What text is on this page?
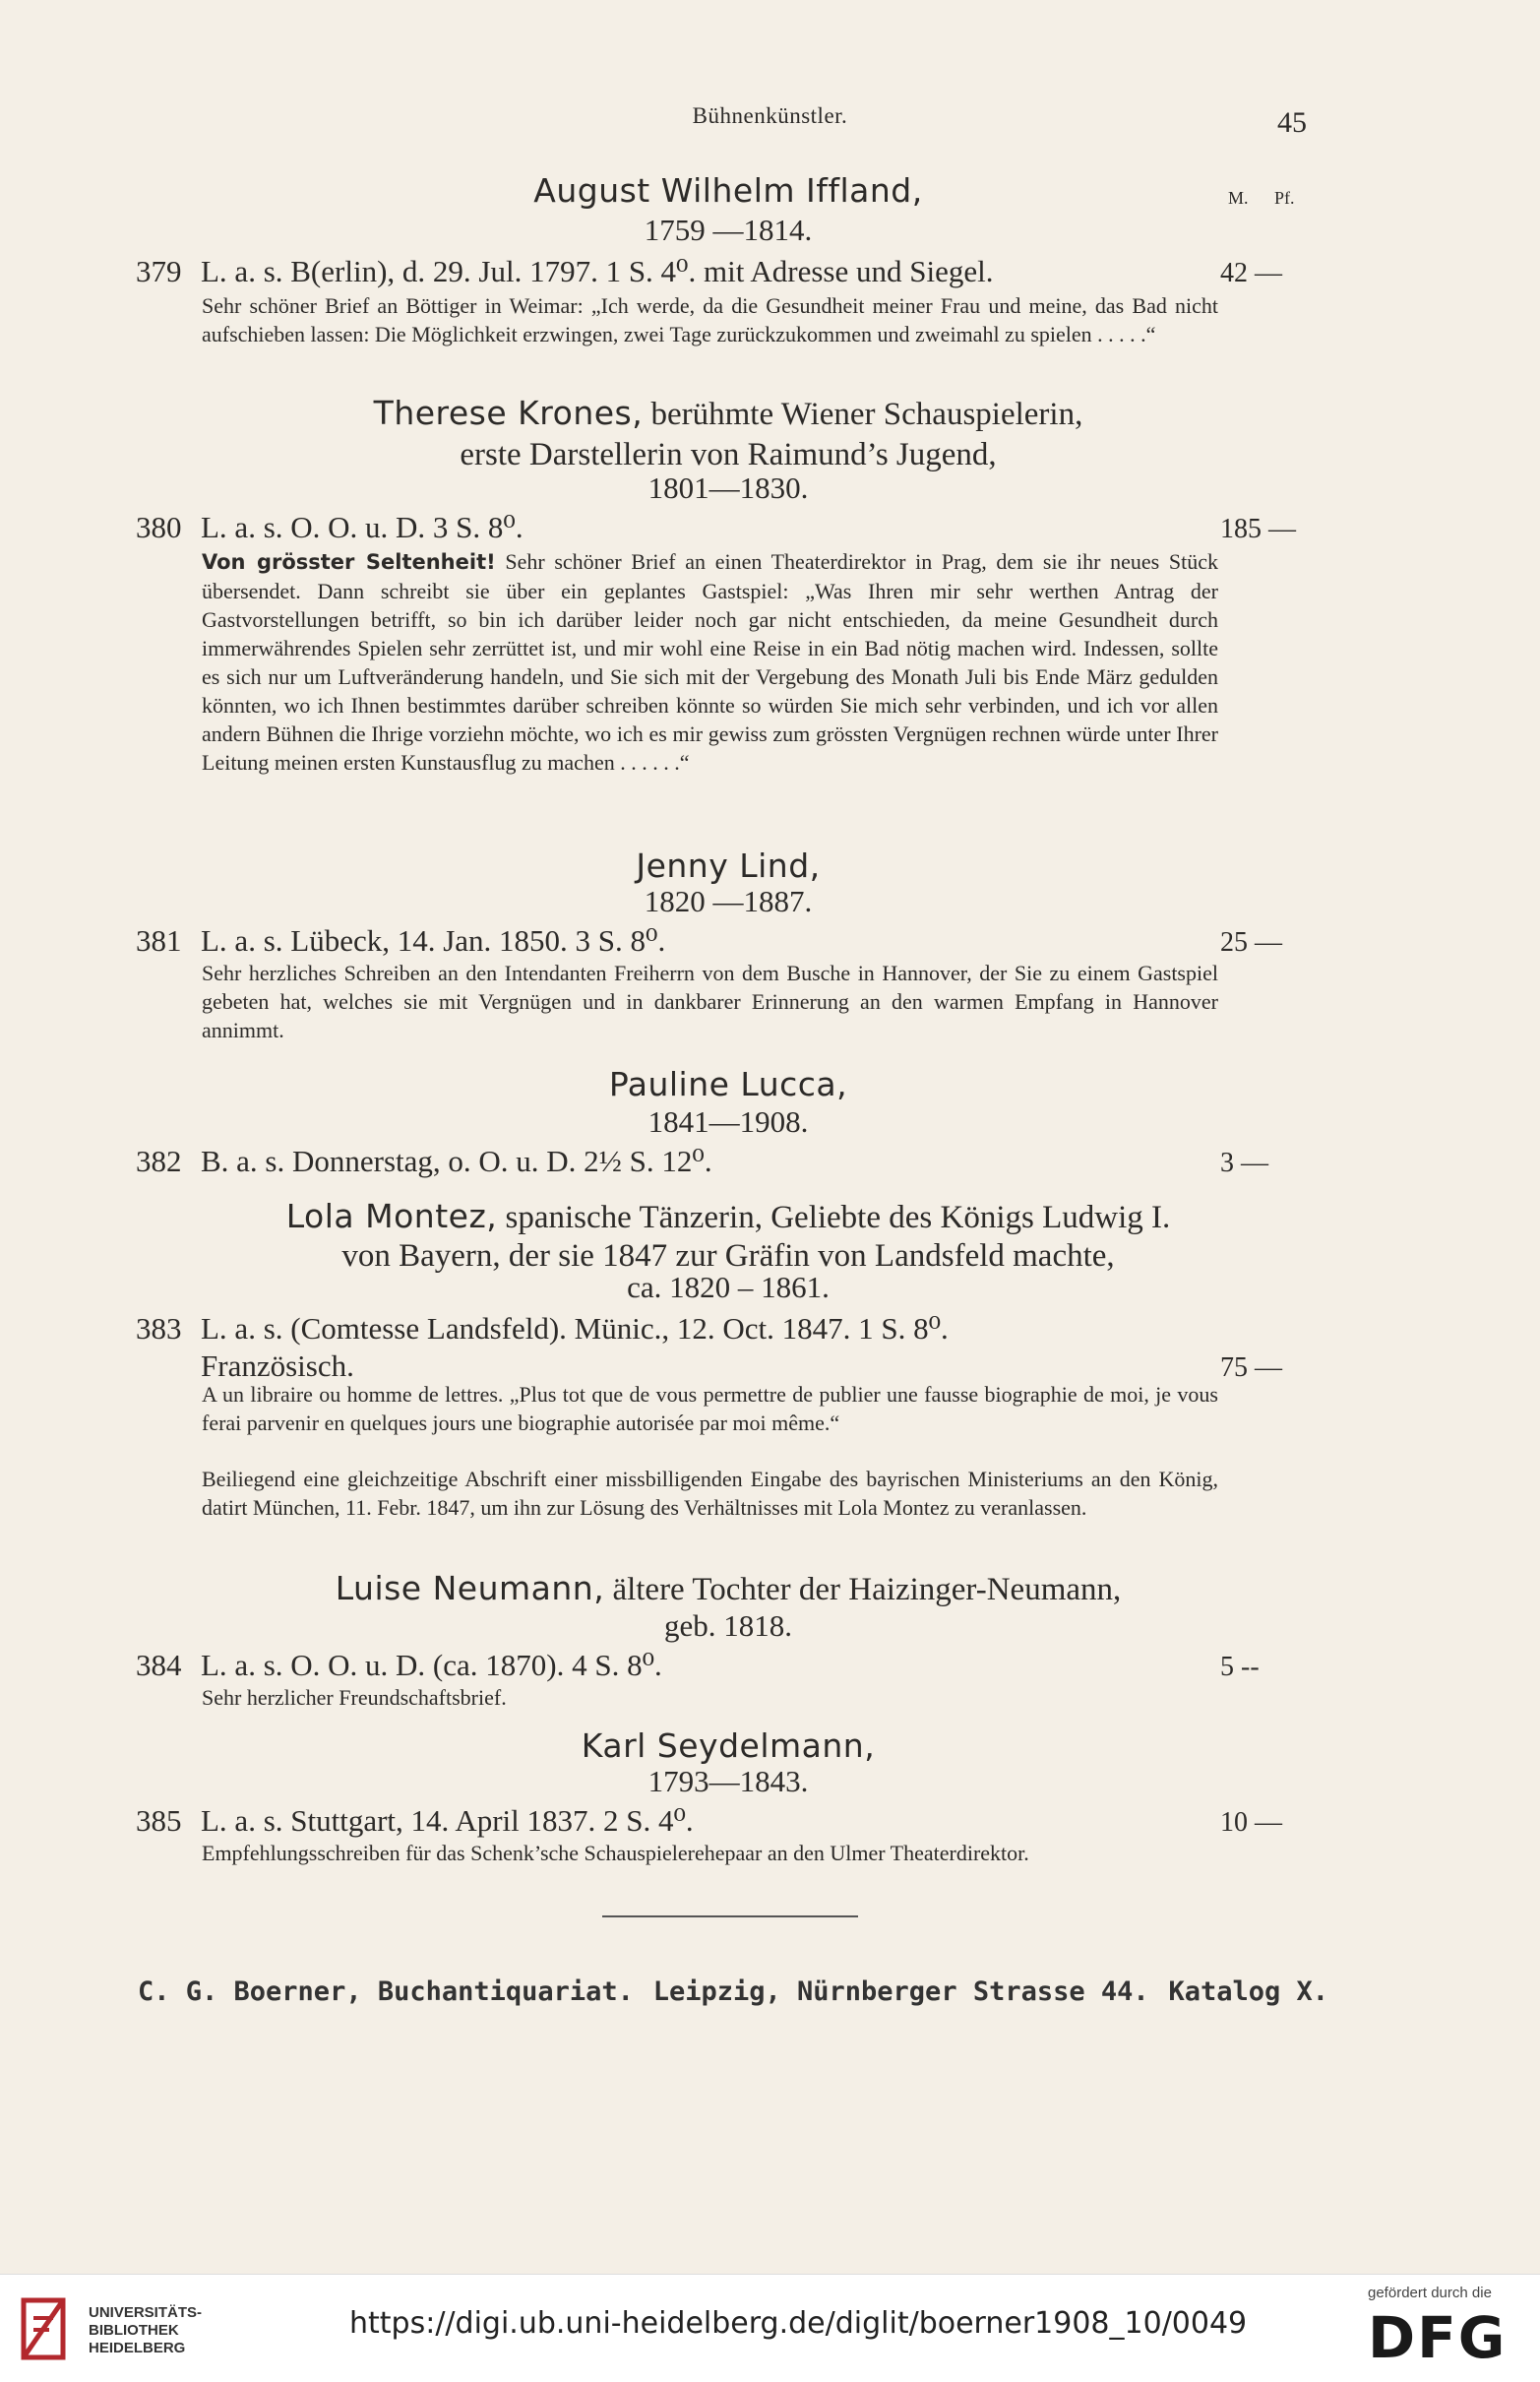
Bühnenkünstler.	45
M. Pf.
August Wilhelm Iffland,
1759 —1814.
379 L. a. s. B(erlin), d. 29. Jul. 1797. 1 S. 4⁰. mit Adresse und Siegel.	42 —
Sehr schöner Brief an Böttiger in Weimar: „Ich werde, da die Gesundheit meiner Frau und meine, das Bad nicht aufschieben lassen: Die Möglichkeit erzwingen, zwei Tage zurückzukommen und zweimahl zu spielen . . . . .“
Therese Krones, berühmte Wiener Schauspielerin,
erste Darstellerin von Raimund’s Jugend,
1801—1830.
380 L. a. s. O. O. u. D. 3 S. 8⁰.	185 —
Von grösster Seltenheit! Sehr schöner Brief an einen Theaterdirektor in Prag, dem sie ihr neues Stück übersendet. Dann schreibt sie über ein geplantes Gastspiel: „Was Ihren mir sehr werthen Antrag der Gastvorstellungen betrifft, so bin ich darüber leider noch gar nicht entschieden, da meine Gesundheit durch immerwährendes Spielen sehr zerrüttet ist, und mir wohl eine Reise in ein Bad nötig machen wird. Indessen, sollte es sich nur um Luftveränderung handeln, und Sie sich mit der Vergebung des Monath Juli bis Ende März gedulden könnten, wo ich Ihnen bestimmtes darüber schreiben könnte so würden Sie mich sehr verbinden, und ich vor allen andern Bühnen die Ihrige vorziehn möchte, wo ich es mir gewiss zum grössten Vergnügen rechnen würde unter Ihrer Leitung meinen ersten Kunstausflug zu machen . . . . . .“
Jenny Lind,
1820 —1887.
381 L. a. s. Lübeck, 14. Jan. 1850. 3 S. 8⁰.	25 —
Sehr herzliches Schreiben an den Intendanten Freiherrn von dem Busche in Hannover, der Sie zu einem Gastspiel gebeten hat, welches sie mit Vergnügen und in dankbarer Erinnerung an den warmen Empfang in Hannover annimmt.
Pauline Lucca,
1841—1908.
382 B. a. s. Donnerstag, o. O. u. D. 2½ S. 12⁰.	3 —
Lola Montez, spanische Tänzerin, Geliebte des Königs Ludwig I.
von Bayern, der sie 1847 zur Gräfin von Landsfeld machte,
ca. 1820 – 1861.
383 L. a. s. (Comtesse Landsfeld). Münic., 12. Oct. 1847. 1 S. 8⁰.
Französisch.	75 —
A un libraire ou homme de lettres. „Plus tot que de vous permettre de publier une fausse biographie de moi, je vous ferai parvenir en quelques jours une biographie autorisée par moi même.“
Beiliegend eine gleichzeitige Abschrift einer missbilligenden Eingabe des bayrischen Ministeriums an den König, datirt München, 11. Febr. 1847, um ihn zur Lösung des Verhältnisses mit Lola Montez zu veranlassen.
Luise Neumann, ältere Tochter der Haizinger-Neumann,
geb. 1818.
384 L. a. s. O. O. u. D. (ca. 1870). 4 S. 8⁰.	5 --
Sehr herzlicher Freundschaftsbrief.
Karl Seydelmann,
1793—1843.
385 L. a. s. Stuttgart, 14. April 1837. 2 S. 4⁰.	10 —
Empfehlungsschreiben für das Schenk’sche Schauspielerehepaar an den Ulmer Theaterdirektor.
C. G. Boerner, Buchantiquariat. Leipzig, Nürnberger Strasse 44. Katalog X.
UNIVERSITÄTS-
BIBLIOTHEK
HEIDELBERG
https://digi.ub.uni-heidelberg.de/diglit/boerner1908_10/0049
gefördert durch die
DFG
